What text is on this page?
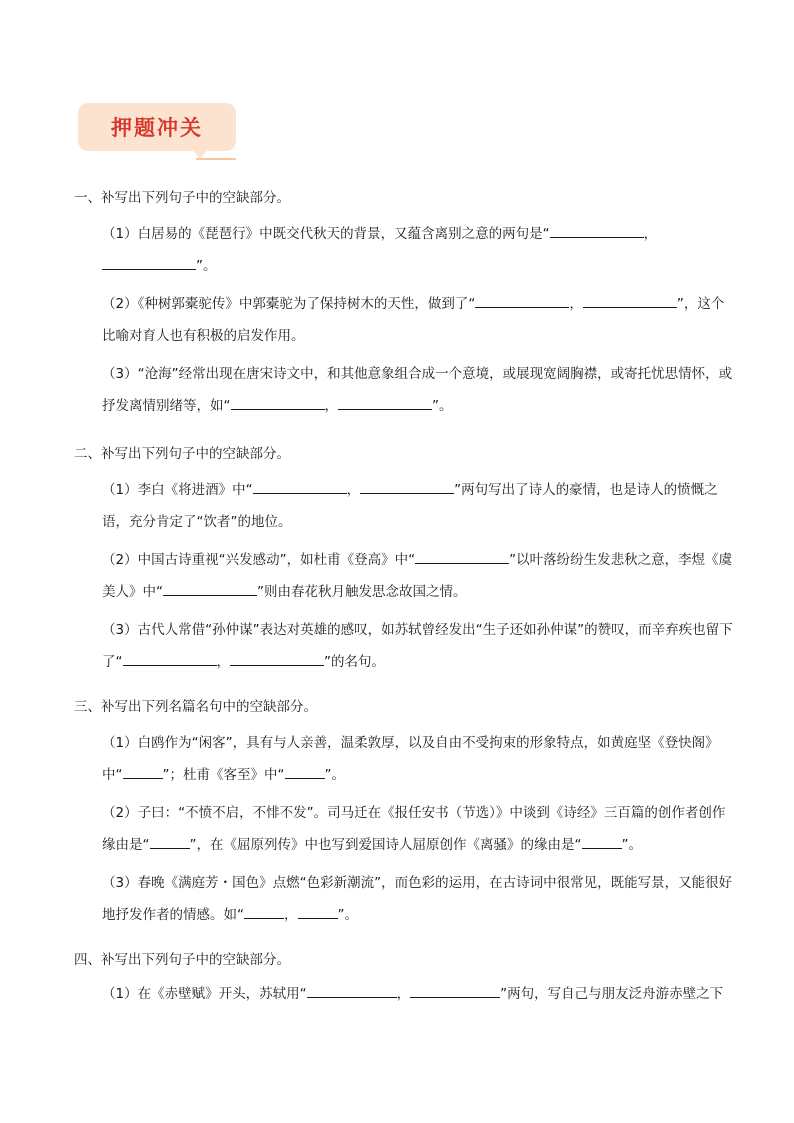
押题冲关

一、补写出下列句子中的空缺部分。

（1）白居易的《琵琶行》中既交代秋天的背景，又蕴含离别之意的两句是“	，”。
（2）《种树郭橐驼传》中郭橐驼为了保持树木的天性，做到了“	，	”，这个比喻对育人也有积极的启发作用。
（3）“沧海”经常出现在唐宋诗文中，和其他意象组合成一个意境，或展现宽阔胸襟，或寄托忧思情怀，或抒发离情别绪等，如“	，	”。

二、补写出下列句子中的空缺部分。

（1）李白《将进酒》中“	，	”两句写出了诗人的豪情，也是诗人的愤慨之语，充分肯定了“饮者”的地位。
（2）中国古诗重视“兴发感动”，如杜甫《登高》中“	”以叶落纷纷生发悲秋之意，李煜《虞美人》中“	”则由春花秋月触发思念故国之情。
（3）古代人常借“孙仲谋”表达对英雄的感叹，如苏轼曾经发出“生子还如孙仲谋”的赞叹，而辛弃疾也留下了“	，	”的名句。

三、补写出下列名篇名句中的空缺部分。

（1）白鸥作为“闲客”，具有与人亲善，温柔敦厚，以及自由不受拘束的形象特点，如黄庭坚《登快阁》中“	”；杜甫《客至》中“	”。
（2）子曰：“不愤不启，不悱不发”。司马迁在《报任安书（节选）》中谈到《诗经》三百篇的创作者创作缘由是“	”，在《屈原列传》中也写到爱国诗人屈原创作《离骚》的缘由是“	”。
（3）春晚《满庭芳・国色》点燃“色彩新潮流”，而色彩的运用，在古诗词中很常见，既能写景，又能很好地抒发作者的情感。如“	，	”。

四、补写出下列句子中的空缺部分。

（1）在《赤壁赋》开头，苏轼用“	，	”两句，写自己与朋友泛舟游赤壁之下
